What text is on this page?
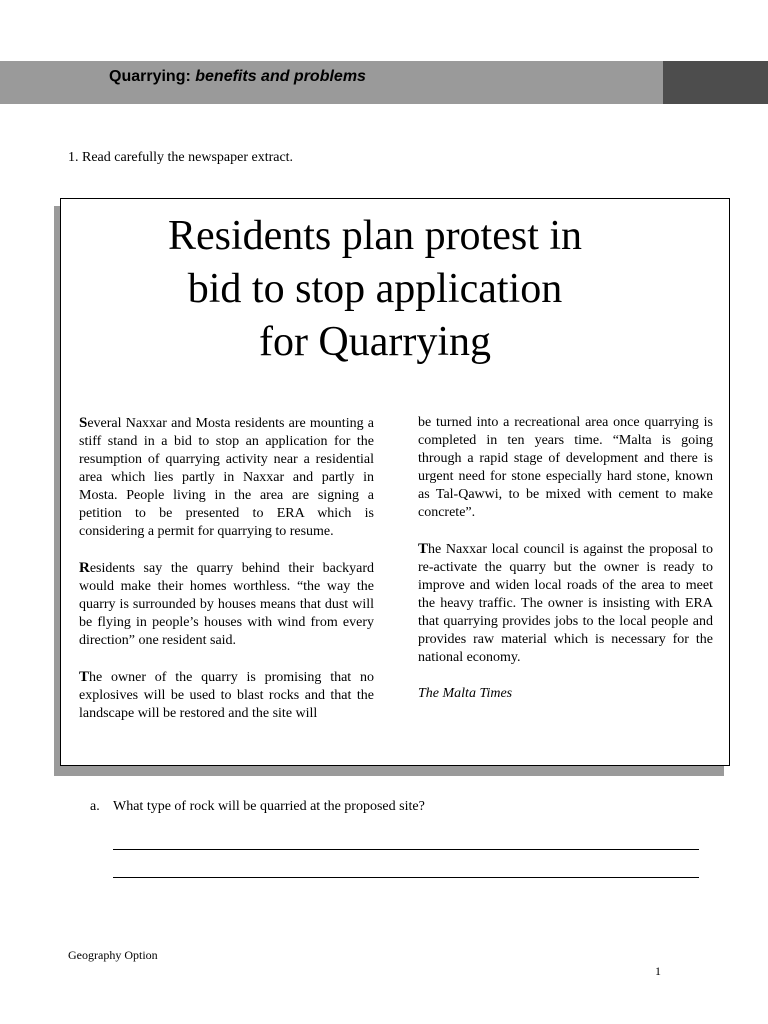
Quarrying: benefits and problems
1. Read carefully the newspaper extract.
Residents plan protest in
bid to stop application
for Quarrying

Several Naxxar and Mosta residents are mounting a stiff stand in a bid to stop an application for the resumption of quarrying activity near a residential area which lies partly in Naxxar and partly in Mosta. People living in the area are signing a petition to be presented to ERA which is considering a permit for quarrying to resume.

Residents say the quarry behind their backyard would make their homes worthless. “the way the quarry is surrounded by houses means that dust will be flying in people’s houses with wind from every direction” one resident said.

The owner of the quarry is promising that no explosives will be used to blast rocks and that the landscape will be restored and the site will

be turned into a recreational area once quarrying is completed in ten years time. “Malta is going through a rapid stage of development and there is urgent need for stone especially hard stone, known as Tal-Qawwi, to be mixed with cement to make concrete”.

The Naxxar local council is against the proposal to re-activate the quarry but the owner is ready to improve and widen local roads of the area to meet the heavy traffic. The owner is insisting with ERA that quarrying provides jobs to the local people and provides raw material which is necessary for the national economy.

The Malta Times

a. What type of rock will be quarried at the proposed site?
Geography Option
1
